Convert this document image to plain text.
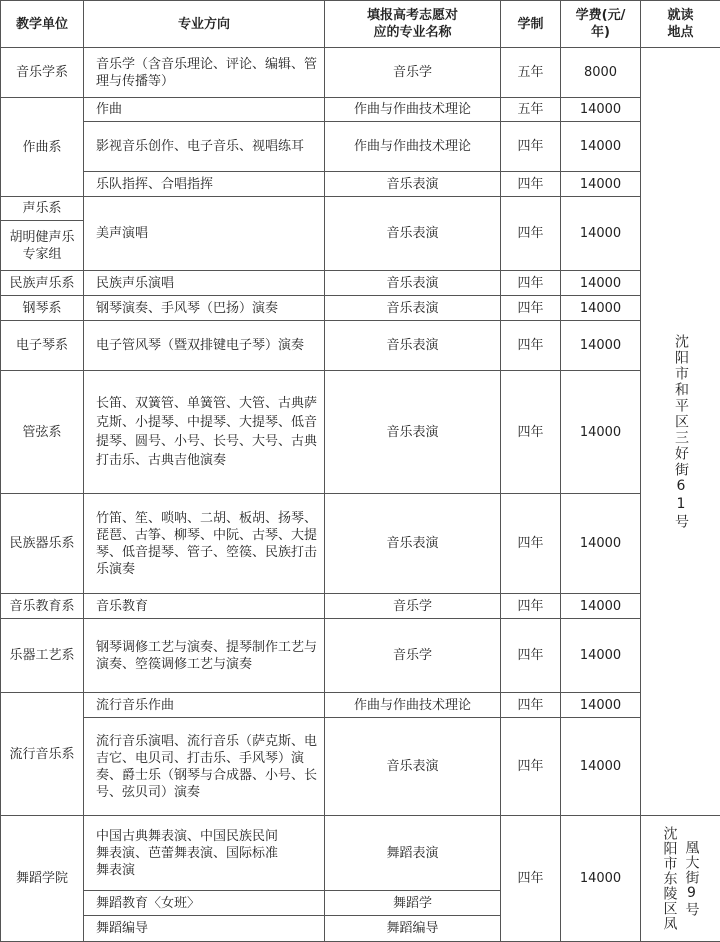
教学单位	专业方向	填报高考志愿对应的专业名称	学制	学费(元/年)	就读地点
音乐学系	音乐学（含音乐理论、评论、编辑、管理与传播等）	音乐学	五年	8000	沈阳市和平区三好街61号

作曲系	作曲	作曲与作曲技术理论	五年	14000	
	影视音乐创作、电子音乐、视唱练耳	作曲与作曲技术理论	四年	14000	
	乐队指挥、合唱指挥	音乐表演	四年	14000	
声乐系	美声演唱	音乐表演	四年	14000	
胡明健声乐专家组					
民族声乐系	民族声乐演唱	音乐表演	四年	14000	
钢琴系	钢琴演奏、手风琴（巴扬）演奏	音乐表演	四年	14000	
电子琴系	电子管风琴（暨双排键电子琴）演奏	音乐表演	四年	14000	
管弦系	长笛、双簧管、单簧管、大管、古典萨克斯、小提琴、中提琴、大提琴、低音提琴、圆号、小号、长号、大号、古典打击乐、古典吉他演奏	音乐表演	四年	14000	
民族器乐系	竹笛、笙、唢呐、二胡、板胡、扬琴、琵琶、古筝、柳琴、中阮、古琴、大提琴、低音提琴、管子、箜篌、民族打击乐演奏	音乐表演	四年	14000	
音乐教育系	音乐教育	音乐学	四年	14000	
乐器工艺系	钢琴调修工艺与演奏、提琴制作工艺与演奏、箜篌调修工艺与演奏	音乐学	四年	14000	
流行音乐系	流行音乐作曲	作曲与作曲技术理论	四年	14000	
	流行音乐演唱、流行音乐（萨克斯、电吉它、电贝司、打击乐、手风琴）演奏、爵士乐（钢琴与合成器、小号、长号、弦贝司）演奏	音乐表演	四年	14000	
舞蹈学院	中国古典舞表演、中国民族民间舞表演、芭蕾舞表演、国际标准舞表演	舞蹈表演	四年	14000	沈阳市东陵区凤凰大街9号

	舞蹈教育〈女班〉	舞蹈学			
	舞蹈编导	舞蹈编导			
